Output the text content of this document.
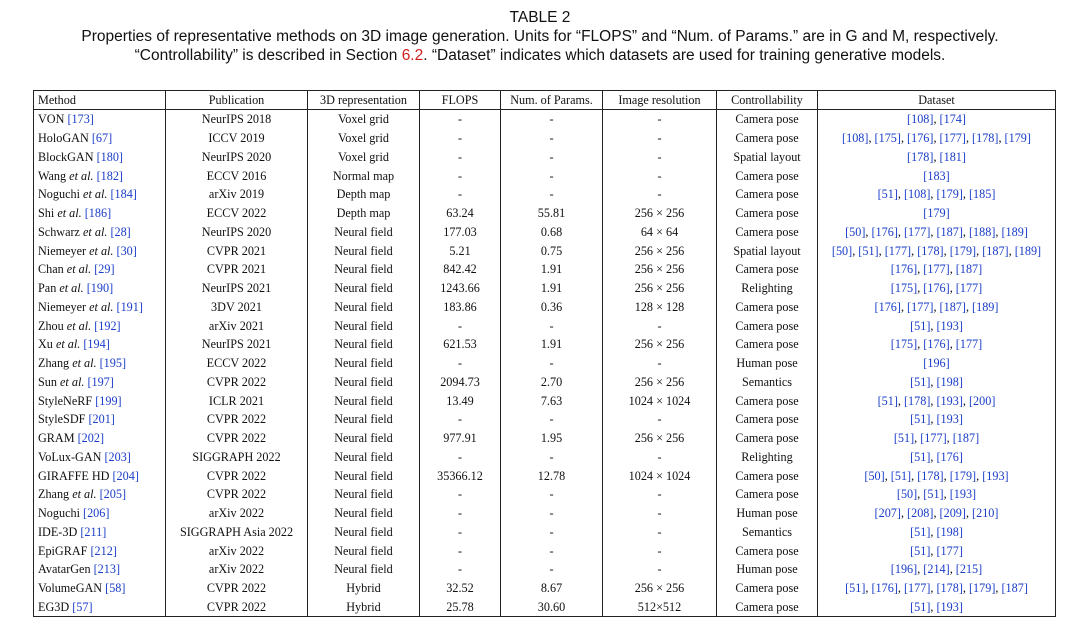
TABLE 2
Properties of representative methods on 3D image generation. Units for “FLOPS” and “Num. of Params.” are in G and M, respectively.
“Controllability” is described in Section 6.2. “Dataset” indicates which datasets are used for training generative models.
Method	Publication	3D representation	FLOPS	Num. of Params.	Image resolution	Controllability	Dataset
VON [173]	NeurIPS 2018	Voxel grid	-	-	-	Camera pose	[108], [174]
HoloGAN [67]	ICCV 2019	Voxel grid	-	-	-	Camera pose	[108], [175], [176], [177], [178], [179]
BlockGAN [180]	NeurIPS 2020	Voxel grid	-	-	-	Spatial layout	[178], [181]
Wang et al. [182]	ECCV 2016	Normal map	-	-	-	Camera pose	[183]
Noguchi et al. [184]	arXiv 2019	Depth map	-	-	-	Camera pose	[51], [108], [179], [185]
Shi et al. [186]	ECCV 2022	Depth map	63.24	55.81	256 × 256	Camera pose	[179]
Schwarz et al. [28]	NeurIPS 2020	Neural field	177.03	0.68	64 × 64	Camera pose	[50], [176], [177], [187], [188], [189]
Niemeyer et al. [30]	CVPR 2021	Neural field	5.21	0.75	256 × 256	Spatial layout	[50], [51], [177], [178], [179], [187], [189]
Chan et al. [29]	CVPR 2021	Neural field	842.42	1.91	256 × 256	Camera pose	[176], [177], [187]
Pan et al. [190]	NeurIPS 2021	Neural field	1243.66	1.91	256 × 256	Relighting	[175], [176], [177]
Niemeyer et al. [191]	3DV 2021	Neural field	183.86	0.36	128 × 128	Camera pose	[176], [177], [187], [189]
Zhou et al. [192]	arXiv 2021	Neural field	-	-	-	Camera pose	[51], [193]
Xu et al. [194]	NeurIPS 2021	Neural field	621.53	1.91	256 × 256	Camera pose	[175], [176], [177]
Zhang et al. [195]	ECCV 2022	Neural field	-	-	-	Human pose	[196]
Sun et al. [197]	CVPR 2022	Neural field	2094.73	2.70	256 × 256	Semantics	[51], [198]
StyleNeRF [199]	ICLR 2021	Neural field	13.49	7.63	1024 × 1024	Camera pose	[51], [178], [193], [200]
StyleSDF [201]	CVPR 2022	Neural field	-	-	-	Camera pose	[51], [193]
GRAM [202]	CVPR 2022	Neural field	977.91	1.95	256 × 256	Camera pose	[51], [177], [187]
VoLux-GAN [203]	SIGGRAPH 2022	Neural field	-	-	-	Relighting	[51], [176]
GIRAFFE HD [204]	CVPR 2022	Neural field	35366.12	12.78	1024 × 1024	Camera pose	[50], [51], [178], [179], [193]
Zhang et al. [205]	CVPR 2022	Neural field	-	-	-	Camera pose	[50], [51], [193]
Noguchi [206]	arXiv 2022	Neural field	-	-	-	Human pose	[207], [208], [209], [210]
IDE-3D [211]	SIGGRAPH Asia 2022	Neural field	-	-	-	Semantics	[51], [198]
EpiGRAF [212]	arXiv 2022	Neural field	-	-	-	Camera pose	[51], [177]
AvatarGen [213]	arXiv 2022	Neural field	-	-	-	Human pose	[196], [214], [215]
VolumeGAN [58]	CVPR 2022	Hybrid	32.52	8.67	256 × 256	Camera pose	[51], [176], [177], [178], [179], [187]
EG3D [57]	CVPR 2022	Hybrid	25.78	30.60	512×512	Camera pose	[51], [193]
